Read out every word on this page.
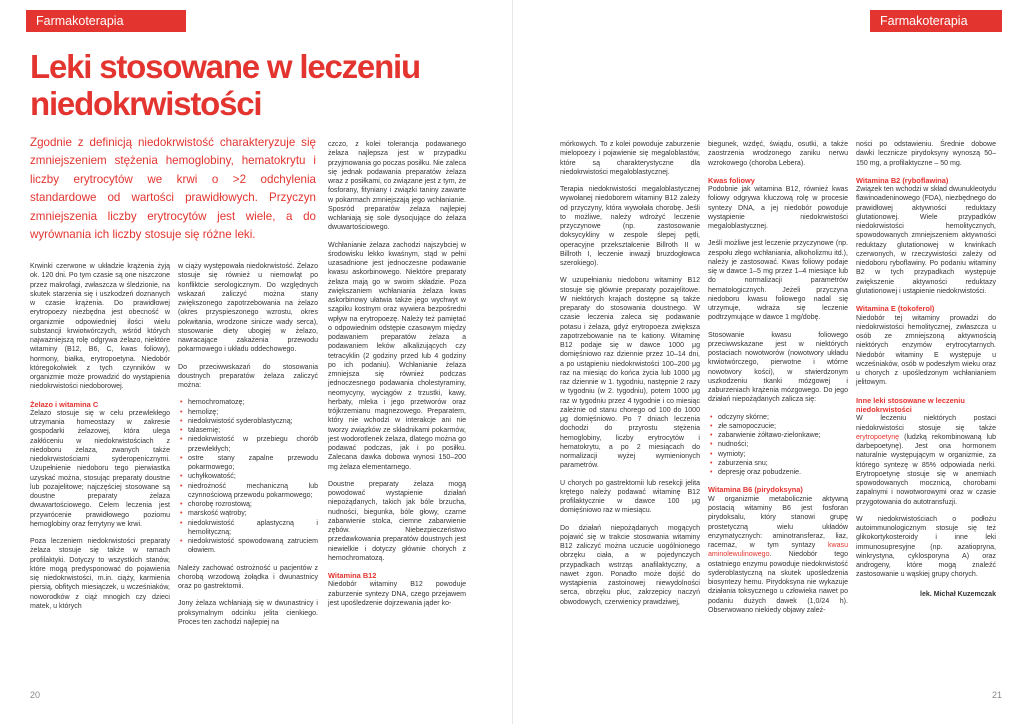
Farmakoterapia
Leki stosowane w leczeniu niedokrwistości

Zgodnie z definicją niedokrwistość charakteryzuje się zmniejszeniem stężenia hemoglobiny, hematokrytu i liczby erytrocytów we krwi o >2 odchylenia standardowe od wartości prawidłowych. Przyczyn zmniejszenia liczby erytrocytów jest wiele, a do wyrównania ich liczby stosuje się różne leki.

Krwinki czerwone w układzie krążenia żyją ok. 120 dni. Po tym czasie są one niszczone przez makrofagi, zwłaszcza w śledzionie, na skutek starzenia się i uszkodzeń doznanych w czasie krążenia. Do prawidłowej erytropoezy niezbędna jest obecność w organizmie odpowiedniej ilości wielu substancji krwiotwórczych, wśród których najważniejszą rolę odgrywa żelazo, niektóre witaminy (B12, B6, C, kwas foliowy), hormony, białka, erytropoetyna. Niedobór któregokolwiek z tych czynników w organizmie może prowadzić do wystąpienia niedokrwistości niedoborowej.

Żelazo i witamina C

Żelazo stosuje się w celu przewlekłego utrzymania homeostazy w zakresie gospodarki żelazowej, która ulega zakłóceniu w niedokrwistościach z niedoboru żelaza, zwanych także niedokrwistościami syderopenicznymi. Uzupełnienie niedoboru tego pierwiastka uzyskać można, stosując preparaty doustne lub pozajelitowe; najczęściej stosowane są doustne preparaty żelaza dwuwartościowego. Celem leczenia jest przywrócenie prawidłowego poziomu hemoglobiny oraz ferrytyny we krwi.

Poza leczeniem niedokrwistości preparaty żelaza stosuje się także w ramach profilaktyki. Dotyczy to wszystkich stanów, które mogą predysponować do pojawienia się niedokrwistości, m.in. ciąży, karmienia piersią, obfitych miesiączek, u wcześniaków, noworodków z ciąż mnogich czy dzieci matek, u których

w ciąży występowała niedokrwistość. Żelazo stosuje się również u niemowląt po konfliktcie serologicznym. Do względnych wskazań zaliczyć można stany zwiększonego zapotrzebowania na żelazo (okres przyspieszonego wzrostu, okres pokwitania, wrodzone sinicze wady serca), stosowanie diety ubogiej w żelazo, nawracające zakażenia przewodu pokarmowego i układu oddechowego.

Do przeciwwskazań do stosowania doustnych preparatów żelaza zaliczyć można:

• hemochromatozę;
• hemolizę;
• niedokrwistość syderoblastyczną;
• talasemię;
• niedokrwistość w przebiegu chorób przewlekłych;
• ostre stany zapalne przewodu pokarmowego;
• uchyłkowatość;
• niedrożność mechaniczną lub czynnościową przewodu pokarmowego;
• chorobę rozrostową;
• marskość wątroby;
• niedokrwistość aplastyczną i hemolityczną;
• niedokrwistość spowodowaną zatruciem ołowiem.

Należy zachować ostrożność u pacjentów z chorobą wrzodową żołądka i dwunastnicy oraz po gastrektomii.

Jony żelaza wchłaniają się w dwunastnicy i proksymalnym odcinku jelita cienkiego. Proces ten zachodzi najlepiej na

czczo, z kolei tolerancja podawanego żelaza najlepsza jest w przypadku przyjmowania go poczas posiłku. Nie zaleca się jednak podawania preparatów żelaza wraz z posiłkami, co związane jest z tym, że fosforany, fityniany i związki taniny zawarte w pokarmach zmniejszają jego wchłanianie. Sposród preparatów żelaza najlepiej wchłaniają się sole dysocjujące do żelaza dwuwartościowego.

Wchłanianie żelaza zachodzi najszybciej w środowisku lekko kwaśnym, stąd w pełni uzasadnione jest jednoczesne podawanie kwasu askorbinowego. Niektóre preparaty żelaza mają go w swoim składzie. Poza zwiększaniem wchłaniania żelaza kwas askorbinowy ułatwia także jego wychwyt w sząpiku kostnym oraz wywiera bezpośredni wpływ na erytropoezę. Należy też pamiętać o odpowiednim odstępie czasowym między podawaniem preparatów żelaza a podawaniem leków alkalizujących czy tetracyklin (2 godziny przed lub 4 godziny po ich podaniu). Wchłanianie żelaza zmniejsza się również podczas jednoczesnego podawania cholestyraminy, neomycyny, wyciągów z trzustki, kawy, herbaty, mleka i jego przetworów oraz trójkrzemianu magnezowego. Preparatem, który nie wchodzi w interakcje ani nie tworzy związków ze składnikami pokarmów, jest wodorotlenek żelaza, dlatego można go podawać podczas, jak i po posiłku. Zalecana dawka dobowa wynosi 150–200 mg żelaza elementarnego.

Doustne preparaty żelaza mogą powodować wystąpienie działań niepożądanych, takich jak bóle brzucha, nudności, biegunka, bóle głowy, czarne zabarwienie stolca, ciemne zabarwienie zębów. Niebezpieczeństwo przedawkowania preparatów doustnych jest niewielkie i dotyczy głównie chorych z hemochromatozą.

Witamina B12

Niedobór witaminy B12 powoduje zaburzenie syntezy DNA, czego przejawem jest upośledzenie dojrzewania jąder ko-

20
Farmakoterapia

mórkowych. To z kolei powoduje zaburzenie mielopoezy i pojawienie się megaloblastów, które są charakterystyczne dla niedokrwistości megaloblastycznej.

Terapia niedokrwistości megaloblastycznej wywołanej niedoborem witaminy B12 zależy od przyczyny, która wywołała chorobę. Jeśli to możliwe, należy wdrożyć leczenie przyczynowe (np. zastosowanie doksycykliny w zespole ślepej pętli, operacyjne przekształcenie Billroth II w Billroth I, leczenie inwazji bruzdogłowca szerokiego).

W uzupełnianiu niedoboru witaminy B12 stosuje się głównie preparaty pozajelitowe. W niektórych krajach dostępne są także preparaty do stosowania doustnego. W czasie leczenia zaleca się podawanie potasu i żelaza, gdyż erytropoeza zwiększa zapotrzebowanie na te kationy. Witaminę B12 podaje się w dawce 1000 μg domięśniowo raz dziennie przez 10–14 dni, a po ustąpieniu niedokrwistości 100–200 μg raz na miesiąc do końca życia lub 1000 μg raz dziennie w 1. tygodniu, następnie 2 razy w tygodniu (w 2. tygodniu), potem 1000 μg raz w tygodniu przez 4 tygodnie i co miesiąc zależnie od stanu chorego od 100 do 1000 μg domięśniowo. Po 7 dniach leczenia dochodzi do przyrostu stężenia hemoglobiny, liczby erytrocytów i hematokrytu, a po 2 miesiącach do normalizacji wyżej wymienionych parametrów.

U chorych po gastrektomii lub resekcji jelita krętego należy podawać witaminę B12 profilaktycznie w dawce 100 μg domięśniowo raz w miesiącu.

Do działań niepożądanych mogących pojawić się w trakcie stosowania witaminy B12 zaliczyć można uczucie uogólnionego obrzęku ciała, a w pojedynczych przypadkach wstrząs anafilaktyczny, a nawet zgon. Ponadto może dojść do wystąpienia zastoinowej niewydolności serca, obrzęku płuc, zakrzepicy naczyń obwodowych, czerwienicy prawdziwej,

biegunek, wzdęć, świądu, osutki, a także zaostrzenia wrodzonego zaniku nerwu wzrokowego (choroba Lebera).

Kwas foliowy

Podobnie jak witamina B12, również kwas foliowy odgrywa kluczową rolę w procesie syntezy DNA, a jej niedobór powoduje wystąpienie niedokrwistości megaloblastycznej.

Jeśli możliwe jest leczenie przyczynowe (np. zespołu złego wchłaniania, alkoholizmu itd.), należy je zastosować. Kwas foliowy podaje się w dawce 1–5 mg przez 1–4 miesiące lub do normalizacji parametrów hematologicznych. Jeżeli przyczyna niedoboru kwasu foliowego nadal się utrzymuje, wdraża się leczenie podtrzymujące w dawce 1 mg/dobę.

Stosowanie kwasu foliowego przeciwwskazane jest w niektórych postaciach nowotworów (nowotwory układu krwiotwórczego, pierwotne i wtórne nowotwory kości), w stwierdzonym uszkodzeniu tkanki mózgowej i zaburzeniach krążenia mózgowego. Do jego działań niepożądanych zalicza się:

• odczyny skórne;
• złe samopoczucie;
• zabarwienie żółtawo-zielonkawe;
• nudności;
• wymioty;
• zaburzenia snu;
• depresję oraz pobudzenie.
Witamina B6 (pirydoksyna)

W organizmie metabolicznie aktywną postacią witaminy B6 jest fosforan pirydoksalu, który stanowi grupę prostetyczną wielu układów enzymatycznych: aminotransferaz, liaz, racemaz, w tym syntazy kwasu aminolewulinowego. Niedobór tego ostatniego enzymu powoduje niedokrwistość syderoblastyczną na skutek upośledzenia biosyntezy hemu. Pirydoksyna nie wykazuje działania toksycznego u człowieka nawet po podaniu dużych dawek (1,0/24 h). Obserwowano niekiedy objawy zależ-

ności po odstawieniu. Średnie dobowe dawki lecznicze pirydoksyny wynoszą 50–150 mg, a profilaktyczne – 50 mg.

Witamina B2 (ryboflawina)

Związek ten wchodzi w skład dwunukleotydu flawinoadeninowego (FDA), niezbędnego do prawidłowej aktywności reduktazy glutationowej. Wiele przypadków niedokrwistości hemolitycznych, spowodowanych zmniejszeniem aktywności reduktazy glutationowej w krwinkach czerwonych, w rzeczywistości zależy od niedoboru ryboflawiny. Po podaniu witaminy B2 w tych przypadkach występuje zwiększenie aktywności reduktazy glutationowej i ustąpienie niedokrwistości.

Witamina E (tokoferol)

Niedobór tej witaminy prowadzi do niedokrwistości hemolitycznej, zwłaszcza u osób ze zmniejszoną aktywnością niektórych enzymów erytrocytarnych. Niedobór witaminy E występuje u wcześniaków, osób w podeszłym wieku oraz u chorych z upośledzonym wchłanianiem jelitowym.

Inne leki stosowane w leczeniu niedokrwistości

W leczeniu niektórych postaci niedokrwistości stosuje się także erytropoetynę (ludzką rekombinowaną lub darbepoetynę). Jest ona hormonem naturalnie występującym w organizmie, za którego syntezę w 85% odpowiada nerki. Erytropoetynę stosuje się w anemiach spowodowanych mocznicą, chorobami zapalnymi i nowotworowymi oraz w czasie przygotowania do autotransfuzji.

W niedokrwistościach o podłożu autoimmunologicznym stosuje się też glikokortykosteroidy i inne leki immunosupresyjne (np. azatiopryna, winkrystyna, cyklosporyna A) oraz androgeny, które mogą znaleźć zastosowanie u wąskiej grupy chorych.

lek. Michał Kuzemczak
21
